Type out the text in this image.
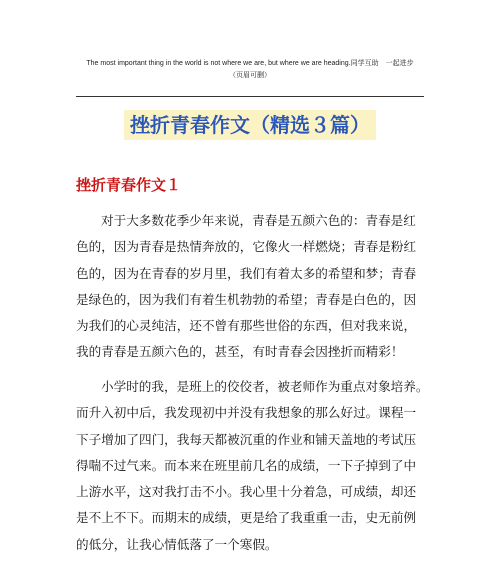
The most important thing in the world is not where we are, but where we are heading.同学互助　一起进步
（页眉可删）
挫折青春作文（精选３篇）
挫折青春作文１
对于大多数花季少年来说，青春是五颜六色的：青春是红
色的，因为青春是热情奔放的，它像火一样燃烧；青春是粉红
色的，因为在青春的岁月里，我们有着太多的希望和梦；青春
是绿色的，因为我们有着生机勃勃的希望；青春是白色的，因
为我们的心灵纯洁，还不曾有那些世俗的东西，但对我来说，
我的青春是五颜六色的，甚至，有时青春会因挫折而精彩！
小学时的我，是班上的佼佼者，被老师作为重点对象培养。
而升入初中后，我发现初中并没有我想象的那么好过。课程一
下子增加了四门，我每天都被沉重的作业和铺天盖地的考试压
得喘不过气来。而本来在班里前几名的成绩，一下子掉到了中
上游水平，这对我打击不小。我心里十分着急，可成绩，却还
是不上不下。而期末的成绩，更是给了我重重一击，史无前例
的低分，让我心情低落了一个寒假。
